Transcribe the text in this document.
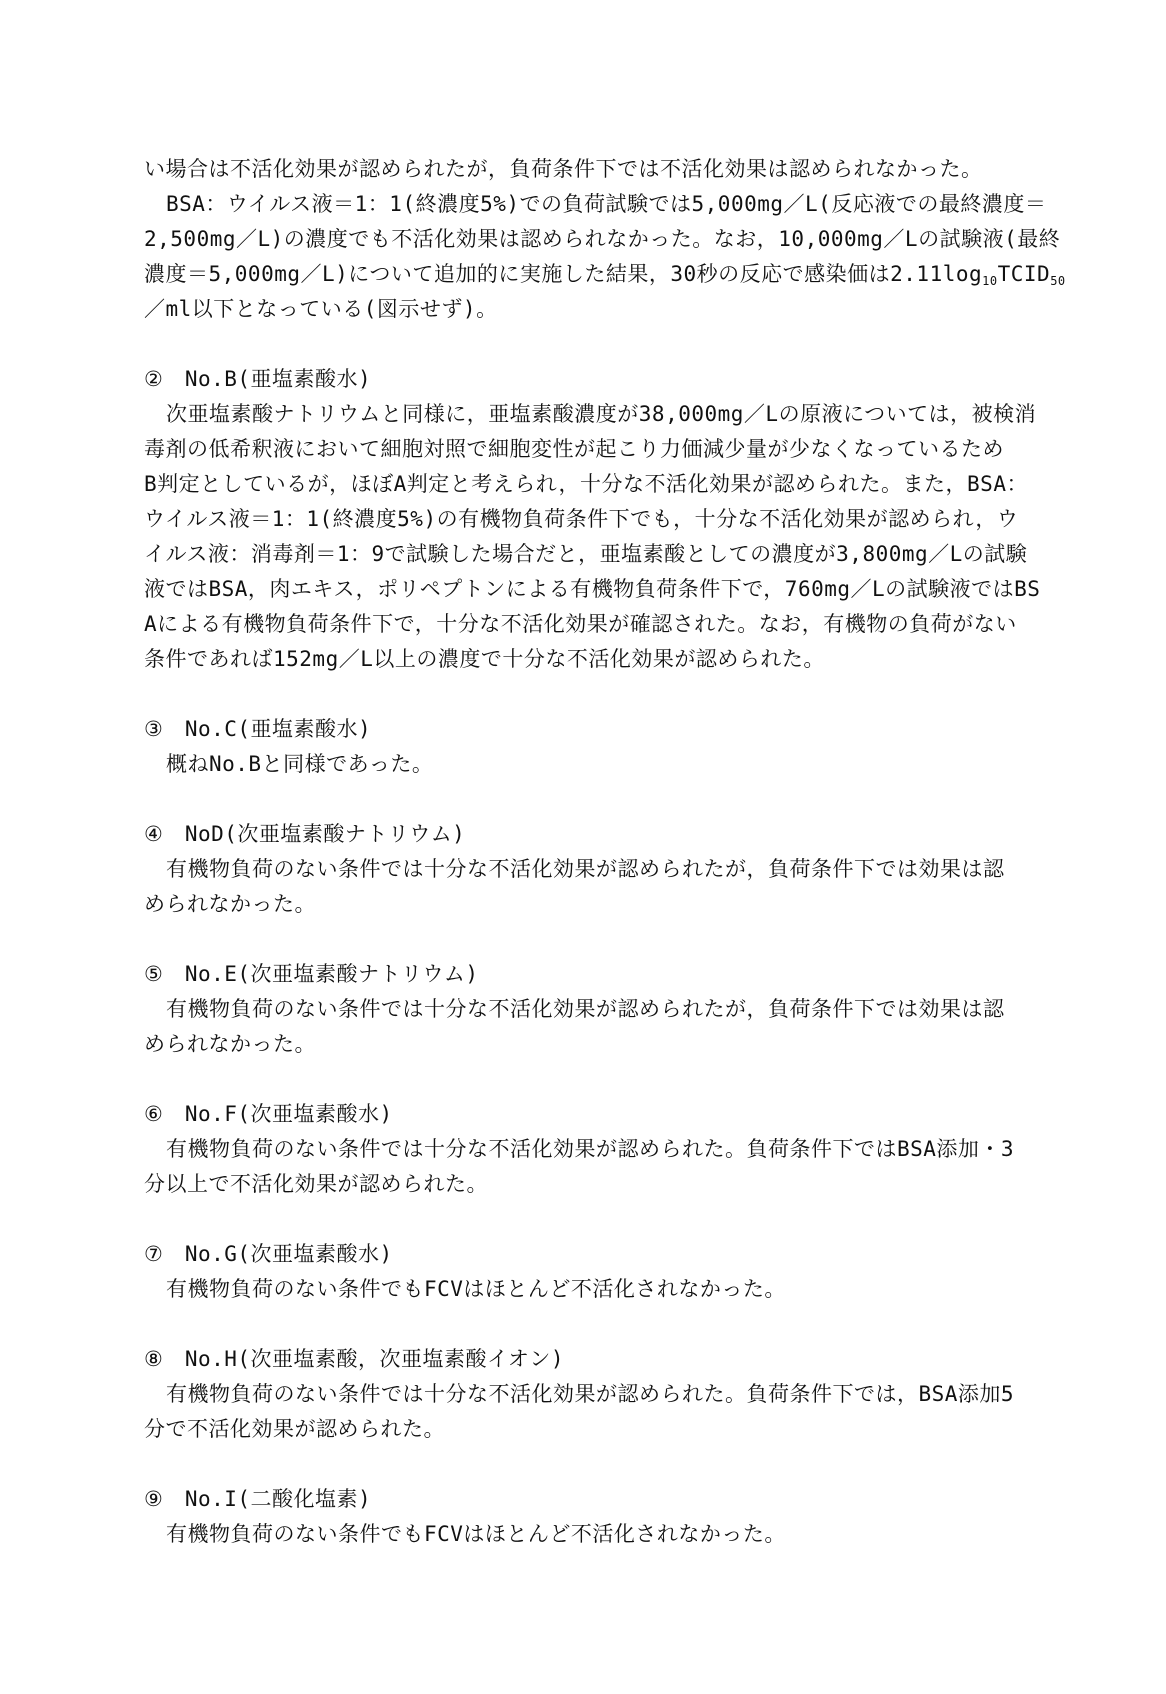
い場合は不活化効果が認められたが，負荷条件下では不活化効果は認められなかった。
BSA：ウイルス液＝1：1(終濃度5%)での負荷試験では5,000mg／L(反応液での最終濃度＝
2,500mg／L)の濃度でも不活化効果は認められなかった。なお，10,000mg／Lの試験液(最終
濃度＝5,000mg／L)について追加的に実施した結果，30秒の反応で感染価は$2.11\log_{10}TCID_{50}$
／ml以下となっている(図示せず)。
②　No.B(亜塩素酸水)
次亜塩素酸ナトリウムと同様に，亜塩素酸濃度が38,000mg／Lの原液については，被検消
毒剤の低希釈液において細胞対照で細胞変性が起こり力価減少量が少なくなっているため
B判定としているが，ほぼA判定と考えられ，十分な不活化効果が認められた。また，BSA：
ウイルス液＝1：1(終濃度5%)の有機物負荷条件下でも，十分な不活化効果が認められ，ウ
イルス液：消毒剤＝1：9で試験した場合だと，亜塩素酸としての濃度が3,800mg／Lの試験
液ではBSA，肉エキス，ポリペプトンによる有機物負荷条件下で，760mg／Lの試験液ではBS
Aによる有機物負荷条件下で，十分な不活化効果が確認された。なお，有機物の負荷がない
条件であれば152mg／L以上の濃度で十分な不活化効果が認められた。
③　No.C(亜塩素酸水)
概ねNo.Bと同様であった。
④　NoD(次亜塩素酸ナトリウム)
有機物負荷のない条件では十分な不活化効果が認められたが，負荷条件下では効果は認
められなかった。
⑤　No.E(次亜塩素酸ナトリウム)
有機物負荷のない条件では十分な不活化効果が認められたが，負荷条件下では効果は認
められなかった。
⑥　No.F(次亜塩素酸水)
有機物負荷のない条件では十分な不活化効果が認められた。負荷条件下ではBSA添加・3
分以上で不活化効果が認められた。
⑦　No.G(次亜塩素酸水)
有機物負荷のない条件でもFCVはほとんど不活化されなかった。
⑧　No.H(次亜塩素酸，次亜塩素酸イオン)
有機物負荷のない条件では十分な不活化効果が認められた。負荷条件下では，BSA添加5
分で不活化効果が認められた。
⑨　No.I(二酸化塩素)
有機物負荷のない条件でもFCVはほとんど不活化されなかった。
